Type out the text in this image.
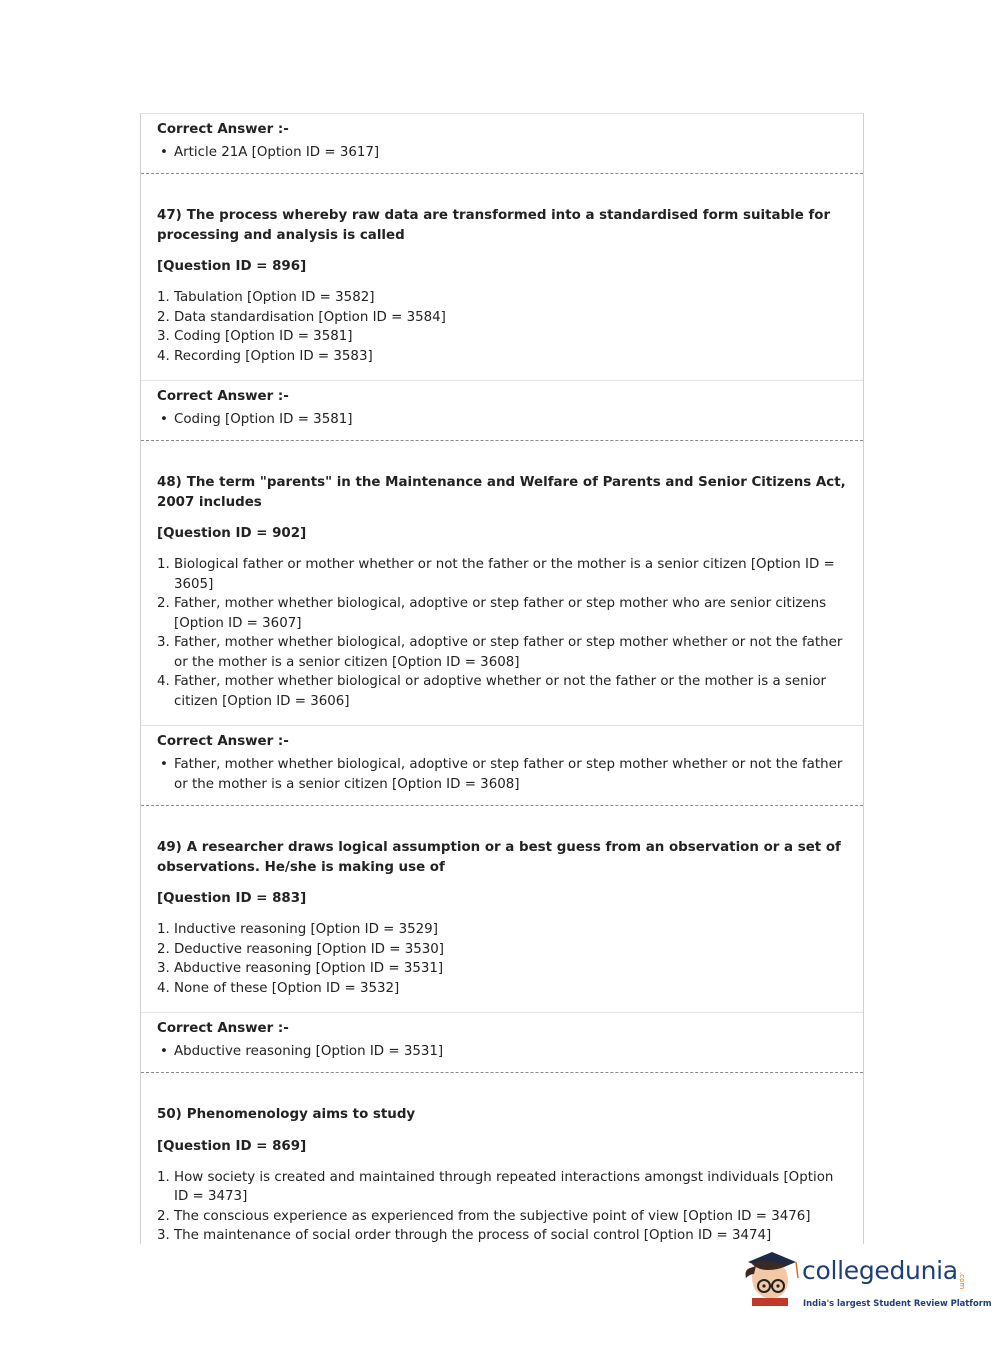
Correct Answer :-
• Article 21A [Option ID = 3617]
47) The process whereby raw data are transformed into a standardised form suitable for processing and analysis is called
[Question ID = 896]
1. Tabulation [Option ID = 3582]
2. Data standardisation [Option ID = 3584]
3. Coding [Option ID = 3581]
4. Recording [Option ID = 3583]
Correct Answer :-
• Coding [Option ID = 3581]
48) The term "parents" in the Maintenance and Welfare of Parents and Senior Citizens Act, 2007 includes
[Question ID = 902]
1. Biological father or mother whether or not the father or the mother is a senior citizen [Option ID = 3605]
2. Father, mother whether biological, adoptive or step father or step mother who are senior citizens [Option ID = 3607]
3. Father, mother whether biological, adoptive or step father or step mother whether or not the father or the mother is a senior citizen [Option ID = 3608]
4. Father, mother whether biological or adoptive whether or not the father or the mother is a senior citizen [Option ID = 3606]
Correct Answer :-
• Father, mother whether biological, adoptive or step father or step mother whether or not the father or the mother is a senior citizen [Option ID = 3608]
49) A researcher draws logical assumption or a best guess from an observation or a set of observations. He/she is making use of
[Question ID = 883]
1. Inductive reasoning [Option ID = 3529]
2. Deductive reasoning [Option ID = 3530]
3. Abductive reasoning [Option ID = 3531]
4. None of these [Option ID = 3532]
Correct Answer :-
• Abductive reasoning [Option ID = 3531]
50) Phenomenology aims to study
[Question ID = 869]
1. How society is created and maintained through repeated interactions amongst individuals [Option ID = 3473]
2. The conscious experience as experienced from the subjective point of view [Option ID = 3476]
3. The maintenance of social order through the process of social control [Option ID = 3474]
collegedunia .com
India's largest Student Review Platform
